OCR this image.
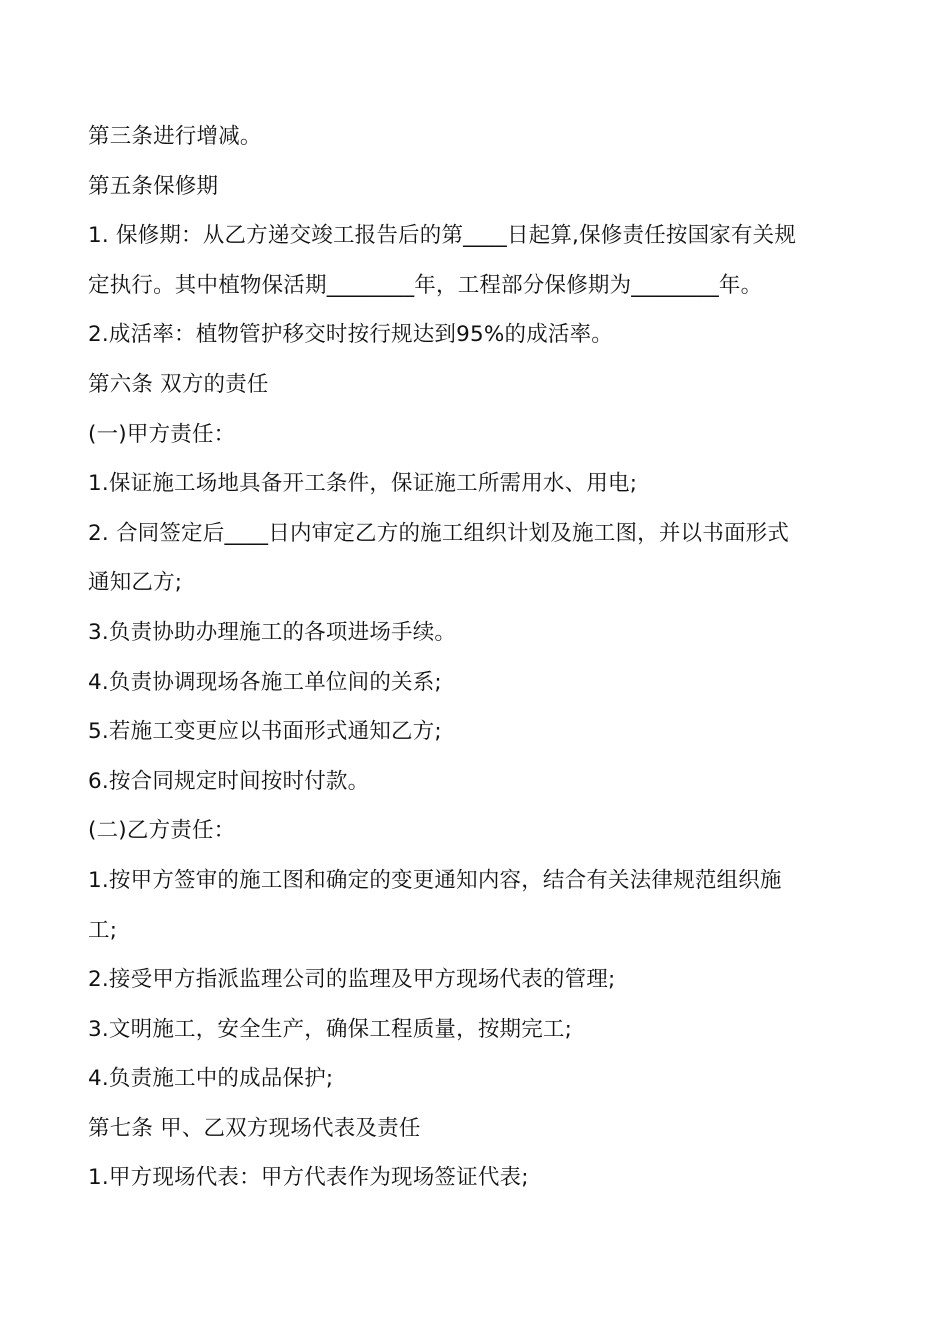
第三条进行增减。
第五条保修期
1. 保修期：从乙方递交竣工报告后的第____日起算,保修责任按国家有关规
定执行。其中植物保活期________年，工程部分保修期为________年。
2.成活率：植物管护移交时按行规达到95%的成活率。
第六条 双方的责任
(一)甲方责任：
1.保证施工场地具备开工条件，保证施工所需用水、用电;
2. 合同签定后____日内审定乙方的施工组织计划及施工图，并以书面形式
通知乙方;
3.负责协助办理施工的各项进场手续。
4.负责协调现场各施工单位间的关系;
5.若施工变更应以书面形式通知乙方;
6.按合同规定时间按时付款。
(二)乙方责任：
1.按甲方签审的施工图和确定的变更通知内容，结合有关法律规范组织施
工;
2.接受甲方指派监理公司的监理及甲方现场代表的管理;
3.文明施工，安全生产，确保工程质量，按期完工;
4.负责施工中的成品保护;
第七条 甲、乙双方现场代表及责任
1.甲方现场代表：甲方代表作为现场签证代表;
